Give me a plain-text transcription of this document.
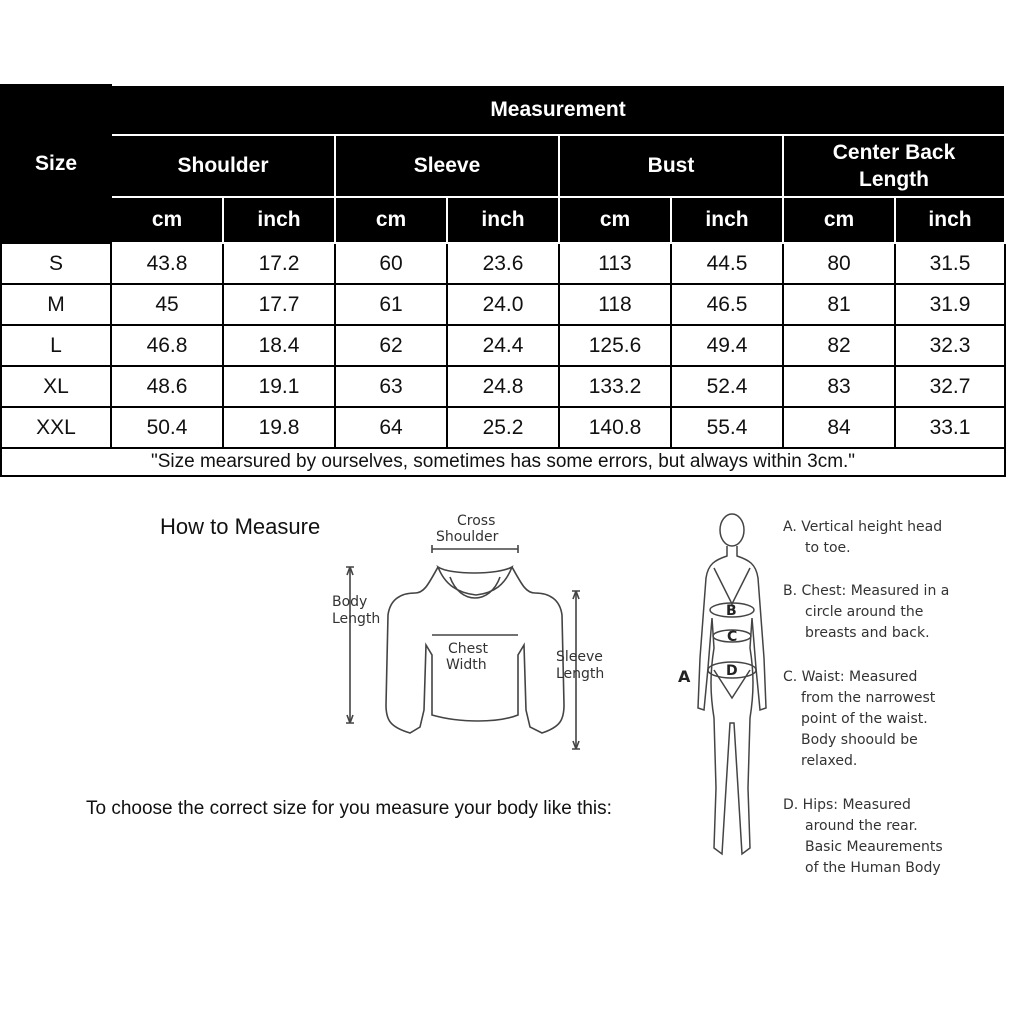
Size	Measurement							
	Shoulder		Sleeve		Bust		Center Back Length	
	cm	inch	cm	inch	cm	inch	cm	inch
S	43.8	17.2	60	23.6	113	44.5	80	31.5
M	45	17.7	61	24.0	118	46.5	81	31.9
L	46.8	18.4	62	24.4	125.6	49.4	82	32.3
XL	48.6	19.1	63	24.8	133.2	52.4	83	32.7
XXL	50.4	19.8	64	25.2	140.8	55.4	84	33.1
"Size mearsured by ourselves, sometimes has some errors, but always within 3cm."								
How to Measure
To choose the correct size for you measure your body like this:
Cross
Shoulder
Body
Length
Chest
Width	Sleeve
Length	A
B
C
D
A. Vertical height head
to toe.
B. Chest: Measured in a
circle around the
breasts and back.
C. Waist: Measured
from the narrowest
point of the waist.
Body shoould be
relaxed.
D. Hips: Measured
around the rear.
Basic Meaurements
of the Human Body
